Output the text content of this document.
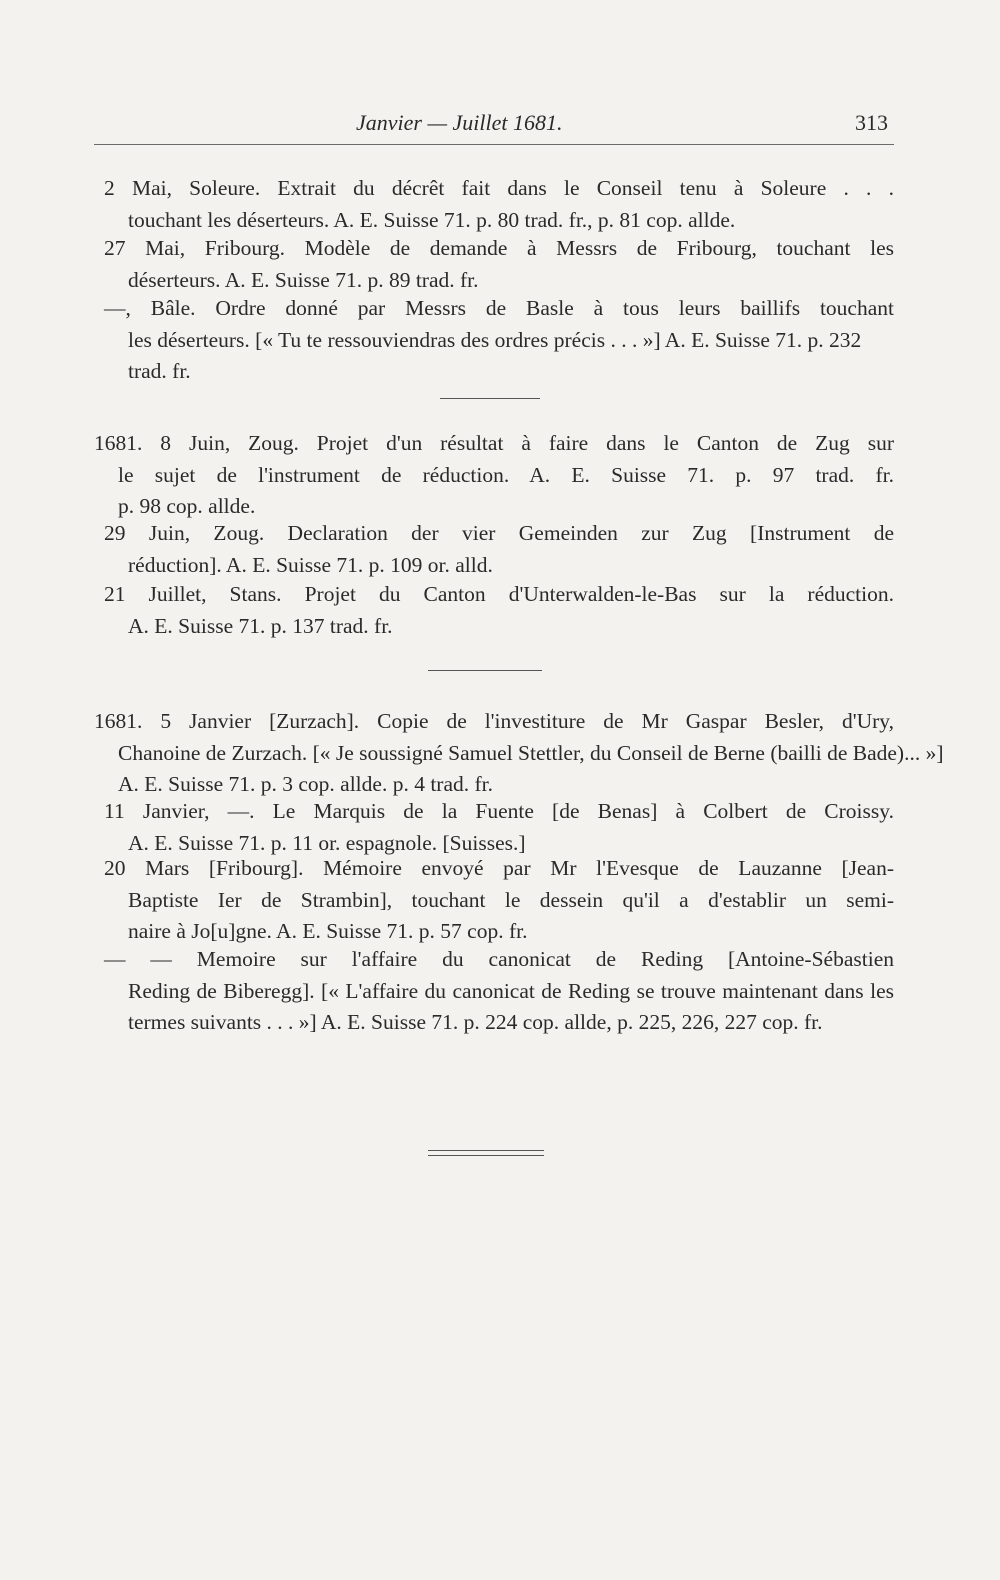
Janvier — Juillet 1681.	313
2 Mai, Soleure. Extrait du décrêt fait dans le Conseil tenu à Soleure . . .
touchant les déserteurs. A. E. Suisse 71. p. 80 trad. fr., p. 81 cop. allde.
27 Mai, Fribourg. Modèle de demande à Messrs de Fribourg, touchant les
déserteurs. A. E. Suisse 71. p. 89 trad. fr.
—, Bâle. Ordre donné par Messrs de Basle à tous leurs baillifs touchant
les déserteurs. [« Tu te ressouviendras des ordres précis . . . »] A. E. Suisse 71. p. 232
trad. fr.
1681. 8 Juin, Zoug. Projet d'un résultat à faire dans le Canton de Zug sur
le sujet de l'instrument de réduction. A. E. Suisse 71. p. 97 trad. fr.
p. 98 cop. allde.
29 Juin, Zoug. Declaration der vier Gemeinden zur Zug [Instrument de
réduction]. A. E. Suisse 71. p. 109 or. alld.
21 Juillet, Stans. Projet du Canton d'Unterwalden-le-Bas sur la réduction.
A. E. Suisse 71. p. 137 trad. fr.
1681. 5 Janvier [Zurzach]. Copie de l'investiture de Mr Gaspar Besler, d'Ury,
Chanoine de Zurzach. [« Je soussigné Samuel Stettler, du Conseil de Berne (bailli de Bade)... »]
A. E. Suisse 71. p. 3 cop. allde. p. 4 trad. fr.
11 Janvier, —. Le Marquis de la Fuente [de Benas] à Colbert de Croissy.
A. E. Suisse 71. p. 11 or. espagnole. [Suisses.]
20 Mars [Fribourg]. Mémoire envoyé par Mr l'Evesque de Lauzanne [Jean-
Baptiste Ier de Strambin], touchant le dessein qu'il a d'establir un semi-
naire à Jo[u]gne. A. E. Suisse 71. p. 57 cop. fr.
— — Memoire sur l'affaire du canonicat de Reding [Antoine-Sébastien
Reding de Biberegg]. [« L'affaire du canonicat de Reding se trouve maintenant dans les
termes suivants . . . »] A. E. Suisse 71. p. 224 cop. allde, p. 225, 226, 227 cop. fr.
